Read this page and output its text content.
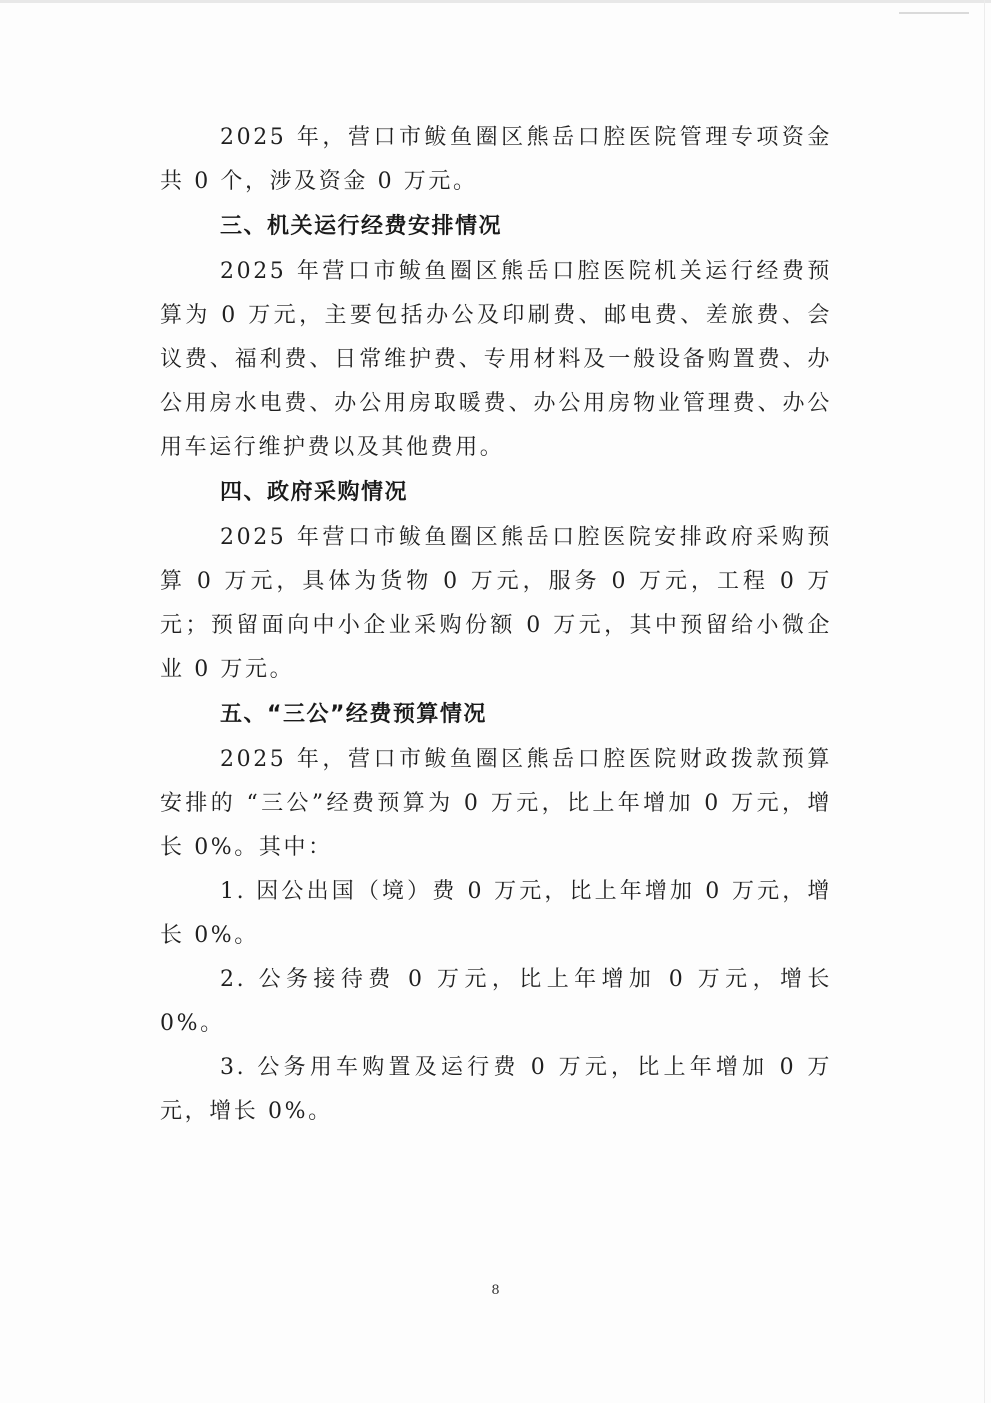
2025 年，营口市鲅鱼圈区熊岳口腔医院管理专项资金共 0 个，涉及资金 0 万元。

三、机关运行经费安排情况

2025 年营口市鲅鱼圈区熊岳口腔医院机关运行经费预算为 0 万元，主要包括办公及印刷费、邮电费、差旅费、会议费、福利费、日常维护费、专用材料及一般设备购置费、办公用房水电费、办公用房取暖费、办公用房物业管理费、办公用车运行维护费以及其他费用。

四、政府采购情况

2025 年营口市鲅鱼圈区熊岳口腔医院安排政府采购预算 0 万元，具体为货物 0 万元，服务 0 万元，工程 0 万元；预留面向中小企业采购份额 0 万元，其中预留给小微企业 0 万元。

五、“三公”经费预算情况

2025 年，营口市鲅鱼圈区熊岳口腔医院财政拨款预算安排的 “三公”经费预算为 0 万元，比上年增加 0 万元，增长 0%。其中：

1. 因公出国（境）费 0 万元，比上年增加 0 万元，增长 0%。

2. 公务接待费 0 万元，比上年增加 0 万元，增长 0%。

3. 公务用车购置及运行费 0 万元，比上年增加 0 万元，增长 0%。

8
